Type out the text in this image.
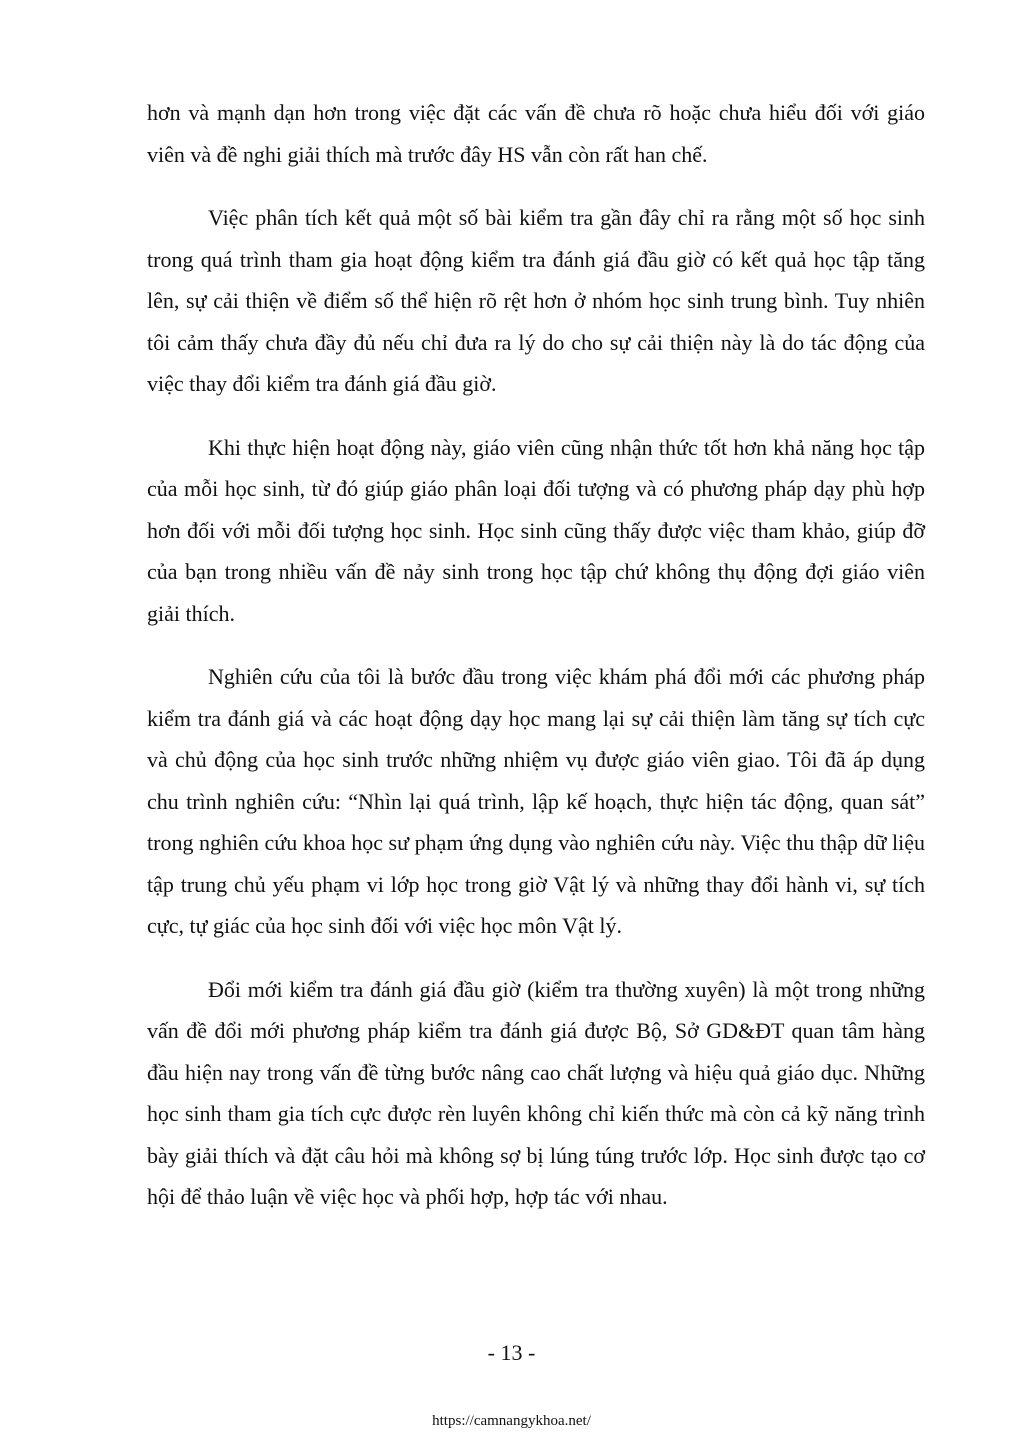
hơn và mạnh dạn hơn trong việc đặt các vấn đề chưa rõ hoặc chưa hiểu đối với giáo viên và đề nghi giải thích mà trước đây HS vẫn còn rất han chế.

Việc phân tích kết quả một số bài kiểm tra gần đây chỉ ra rằng một số học sinh trong quá trình tham gia hoạt động kiểm tra đánh giá đầu giờ có kết quả học tập tăng lên, sự cải thiện về điểm số thể hiện rõ rệt hơn ở nhóm học sinh trung bình. Tuy nhiên tôi cảm thấy chưa đầy đủ nếu chỉ đưa ra lý do cho sự cải thiện này là do tác động của việc thay đổi kiểm tra đánh giá đầu giờ.

Khi thực hiện hoạt động này, giáo viên cũng nhận thức tốt hơn khả năng học tập của mỗi học sinh, từ đó giúp giáo phân loại đối tượng và có phương pháp dạy phù hợp hơn đối với mỗi đối tượng học sinh. Học sinh cũng thấy được việc tham khảo, giúp đỡ của bạn trong nhiều vấn đề nảy sinh trong học tập chứ không thụ động đợi giáo viên giải thích.

Nghiên cứu của tôi là bước đầu trong việc khám phá đổi mới các phương pháp kiểm tra đánh giá và các hoạt động dạy học mang lại sự cải thiện làm tăng sự tích cực và chủ động của học sinh trước những nhiệm vụ được giáo viên giao. Tôi đã áp dụng chu trình nghiên cứu: “Nhìn lại quá trình, lập kế hoạch, thực hiện tác động, quan sát” trong nghiên cứu khoa học sư phạm ứng dụng vào nghiên cứu này. Việc thu thập dữ liệu tập trung chủ yếu phạm vi lớp học trong giờ Vật lý và những thay đổi hành vi, sự tích cực, tự giác của học sinh đối với việc học môn Vật lý.

Đổi mới kiểm tra đánh giá đầu giờ (kiểm tra thường xuyên) là một trong những vấn đề đổi mới phương pháp kiểm tra đánh giá được Bộ, Sở GD&ĐT quan tâm hàng đầu hiện nay trong vấn đề từng bước nâng cao chất lượng và hiệu quả giáo dục. Những học sinh tham gia tích cực được rèn luyên không chỉ kiến thức mà còn cả kỹ năng trình bày giải thích và đặt câu hỏi mà không sợ bị lúng túng trước lớp. Học sinh được tạo cơ hội để thảo luận về việc học và phối hợp, hợp tác với nhau.

- 13 -
https://camnangykhoa.net/
